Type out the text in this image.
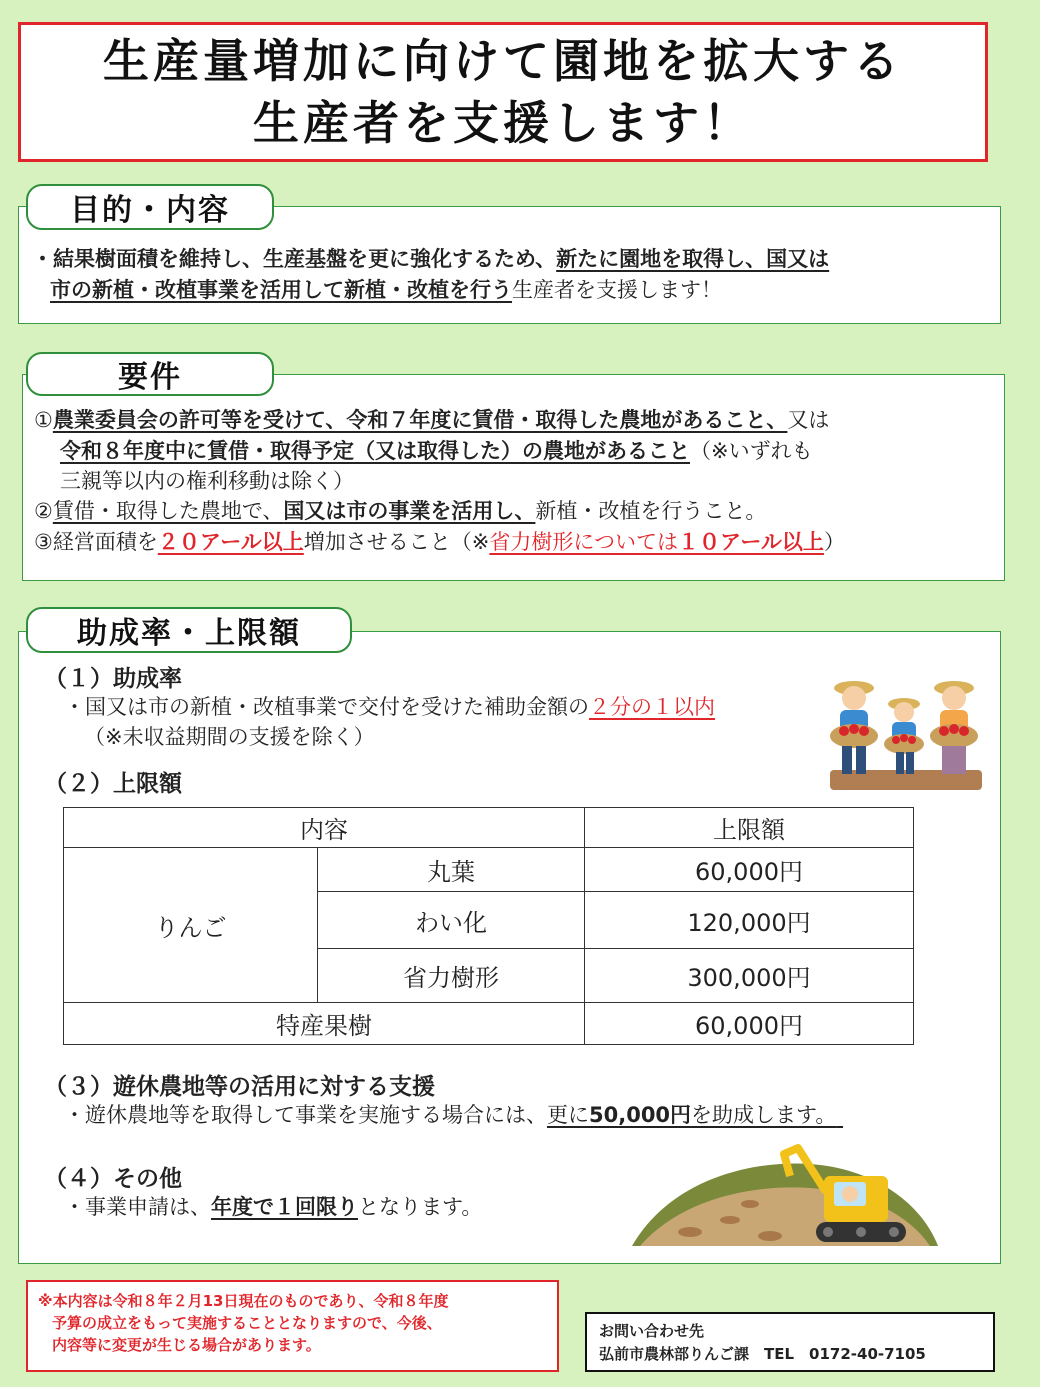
生産量増加に向けて園地を拡大する
生産者を支援します！
目的・内容
・結果樹面積を維持し、生産基盤を更に強化するため、新たに園地を取得し、国又は
市の新植・改植事業を活用して新植・改植を行う生産者を支援します！
要件
①農業委員会の許可等を受けて、令和７年度に賃借・取得した農地があること、又は
令和８年度中に賃借・取得予定（又は取得した）の農地があること（※いずれも
三親等以内の権利移動は除く）
②賃借・取得した農地で、国又は市の事業を活用し、新植・改植を行うこと。
③経営面積を２０アール以上増加させること（※省力樹形については１０アール以上）
助成率・上限額
（１）助成率
・国又は市の新植・改植事業で交付を受けた補助金額の２分の１以内
（※未収益期間の支援を除く）
（２）上限額
内容		上限額
りんご	丸葉	60,000円
	わい化	120,000円
	省力樹形	300,000円
特産果樹		60,000円
（３）遊休農地等の活用に対する支援
・遊休農地等を取得して事業を実施する場合には、更に50,000円を助成します。
（４）その他
・事業申請は、年度で１回限りとなります。
※本内容は令和８年２月13日現在のものであり、令和８年度
予算の成立をもって実施することとなりますので、今後、
内容等に変更が生じる場合があります。
お問い合わせ先
弘前市農林部りんご課　TEL　0172-40-7105
